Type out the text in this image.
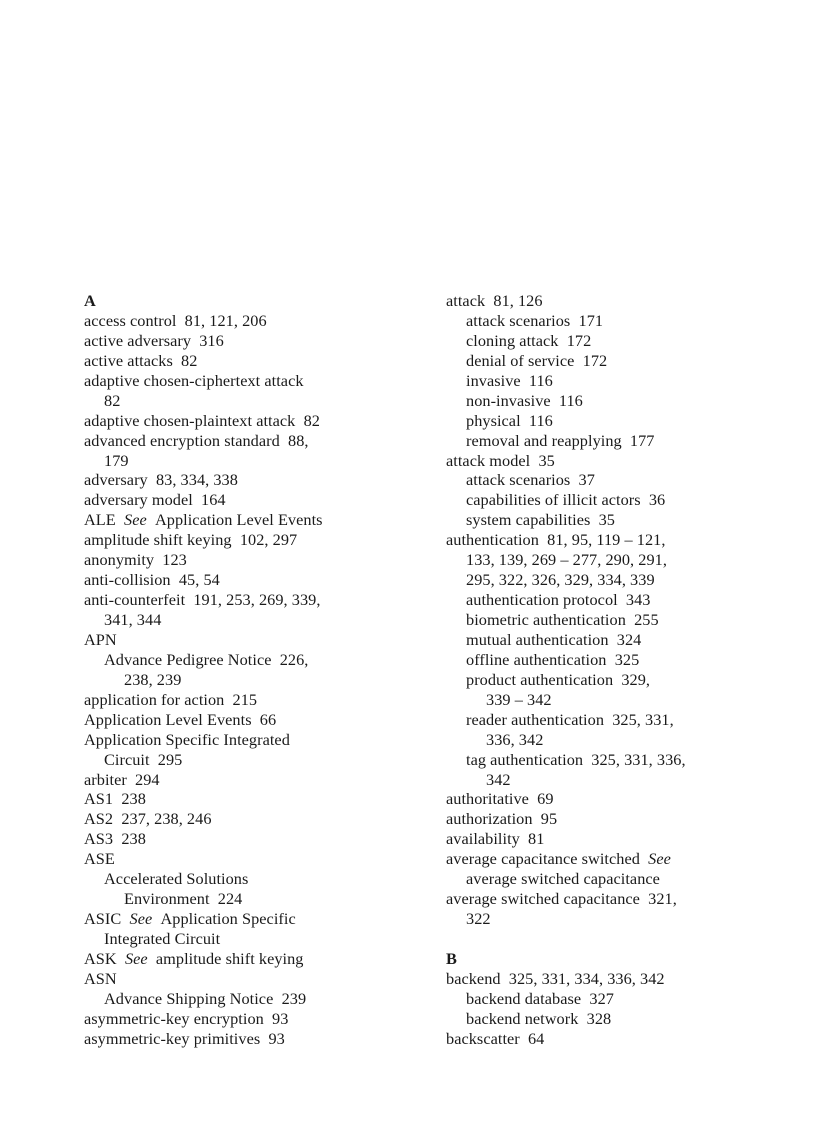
A
access control  81, 121, 206
active adversary  316
active attacks  82
adaptive chosen-ciphertext attack
82
adaptive chosen-plaintext attack  82
advanced encryption standard  88,
179
adversary  83, 334, 338
adversary model  164
ALE  See  Application Level Events
amplitude shift keying  102, 297
anonymity  123
anti-collision  45, 54
anti-counterfeit  191, 253, 269, 339,
341, 344
APN
Advance Pedigree Notice  226,
238, 239
application for action  215
Application Level Events  66
Application Specific Integrated
Circuit  295
arbiter  294
AS1  238
AS2  237, 238, 246
AS3  238
ASE
Accelerated Solutions
Environment  224
ASIC  See  Application Specific
Integrated Circuit
ASK  See  amplitude shift keying
ASN
Advance Shipping Notice  239
asymmetric-key encryption  93
asymmetric-key primitives  93
attack  81, 126
attack scenarios  171
cloning attack  172
denial of service  172
invasive  116
non-invasive  116
physical  116
removal and reapplying  177
attack model  35
attack scenarios  37
capabilities of illicit actors  36
system capabilities  35
authentication  81, 95, 119 – 121,
133, 139, 269 – 277, 290, 291,
295, 322, 326, 329, 334, 339
authentication protocol  343
biometric authentication  255
mutual authentication  324
offline authentication  325
product authentication  329,
339 – 342
reader authentication  325, 331,
336, 342
tag authentication  325, 331, 336,
342
authoritative  69
authorization  95
availability  81
average capacitance switched  See
average switched capacitance
average switched capacitance  321,
322
B
backend  325, 331, 334, 336, 342
backend database  327
backend network  328
backscatter  64
